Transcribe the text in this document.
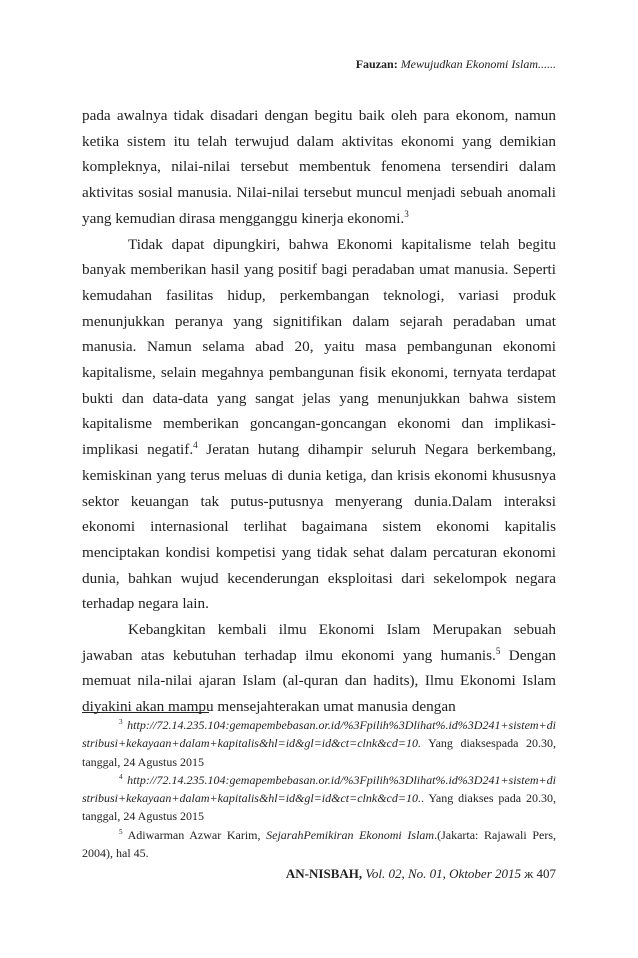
Fauzan: Mewujudkan Ekonomi Islam......

pada awalnya tidak disadari dengan begitu baik oleh para ekonom, namun ketika sistem itu telah terwujud dalam aktivitas ekonomi yang demikian kompleknya, nilai-nilai tersebut membentuk fenomena tersendiri dalam aktivitas sosial manusia. Nilai-nilai tersebut muncul menjadi sebuah anomali yang kemudian dirasa mengganggu kinerja ekonomi.$^3$

Tidak dapat dipungkiri, bahwa Ekonomi kapitalisme telah begitu banyak memberikan hasil yang positif bagi peradaban umat manusia. Seperti kemudahan fasilitas hidup, perkembangan teknologi, variasi produk menunjukkan peranya yang signitifikan dalam sejarah peradaban umat manusia. Namun selama abad 20, yaitu masa pembangunan ekonomi kapitalisme, selain megahnya pembangunan fisik ekonomi, ternyata terdapat bukti dan data-data yang sangat jelas yang menunjukkan bahwa sistem kapitalisme memberikan goncangan-goncangan ekonomi dan implikasi-implikasi negatif.$^4$ Jeratan hutang dihampir seluruh Negara berkembang, kemiskinan yang terus meluas di dunia ketiga, dan krisis ekonomi khususnya sektor keuangan tak putus-putusnya menyerang dunia.Dalam interaksi ekonomi internasional terlihat bagaimana sistem ekonomi kapitalis menciptakan kondisi kompetisi yang tidak sehat dalam percaturan ekonomi dunia, bahkan wujud kecenderungan eksploitasi dari sekelompok negara terhadap negara lain.

Kebangkitan kembali ilmu Ekonomi Islam Merupakan sebuah jawaban atas kebutuhan terhadap ilmu ekonomi yang humanis.$^5$ Dengan memuat nila-nilai ajaran Islam (al-quran dan hadits), Ilmu Ekonomi Islam diyakini akan mampu mensejahterakan umat manusia dengan

$^3$ http://72.14.235.104:gemapembebasan.or.id/%3Fpilih%3Dlihat%.id%3D241+sistem+distribusi+kekayaan+dalam+kapitalis&hl=id&gl=id&ct=clnk&cd=10. Yang diaksespada 20.30, tanggal, 24 Agustus 2015

$^4$ http://72.14.235.104:gemapembebasan.or.id/%3Fpilih%3Dlihat%.id%3D241+sistem+distribusi+kekayaan+dalam+kapitalis&hl=id&gl=id&ct=clnk&cd=10.. Yang diakses pada 20.30, tanggal, 24 Agustus 2015

$^5$ Adiwarman Azwar Karim, SejarahPemikiran Ekonomi Islam.(Jakarta: Rajawali Pers, 2004), hal 45.

AN-NISBAH, Vol. 02, No. 01, Oktober 2015 ж 407
